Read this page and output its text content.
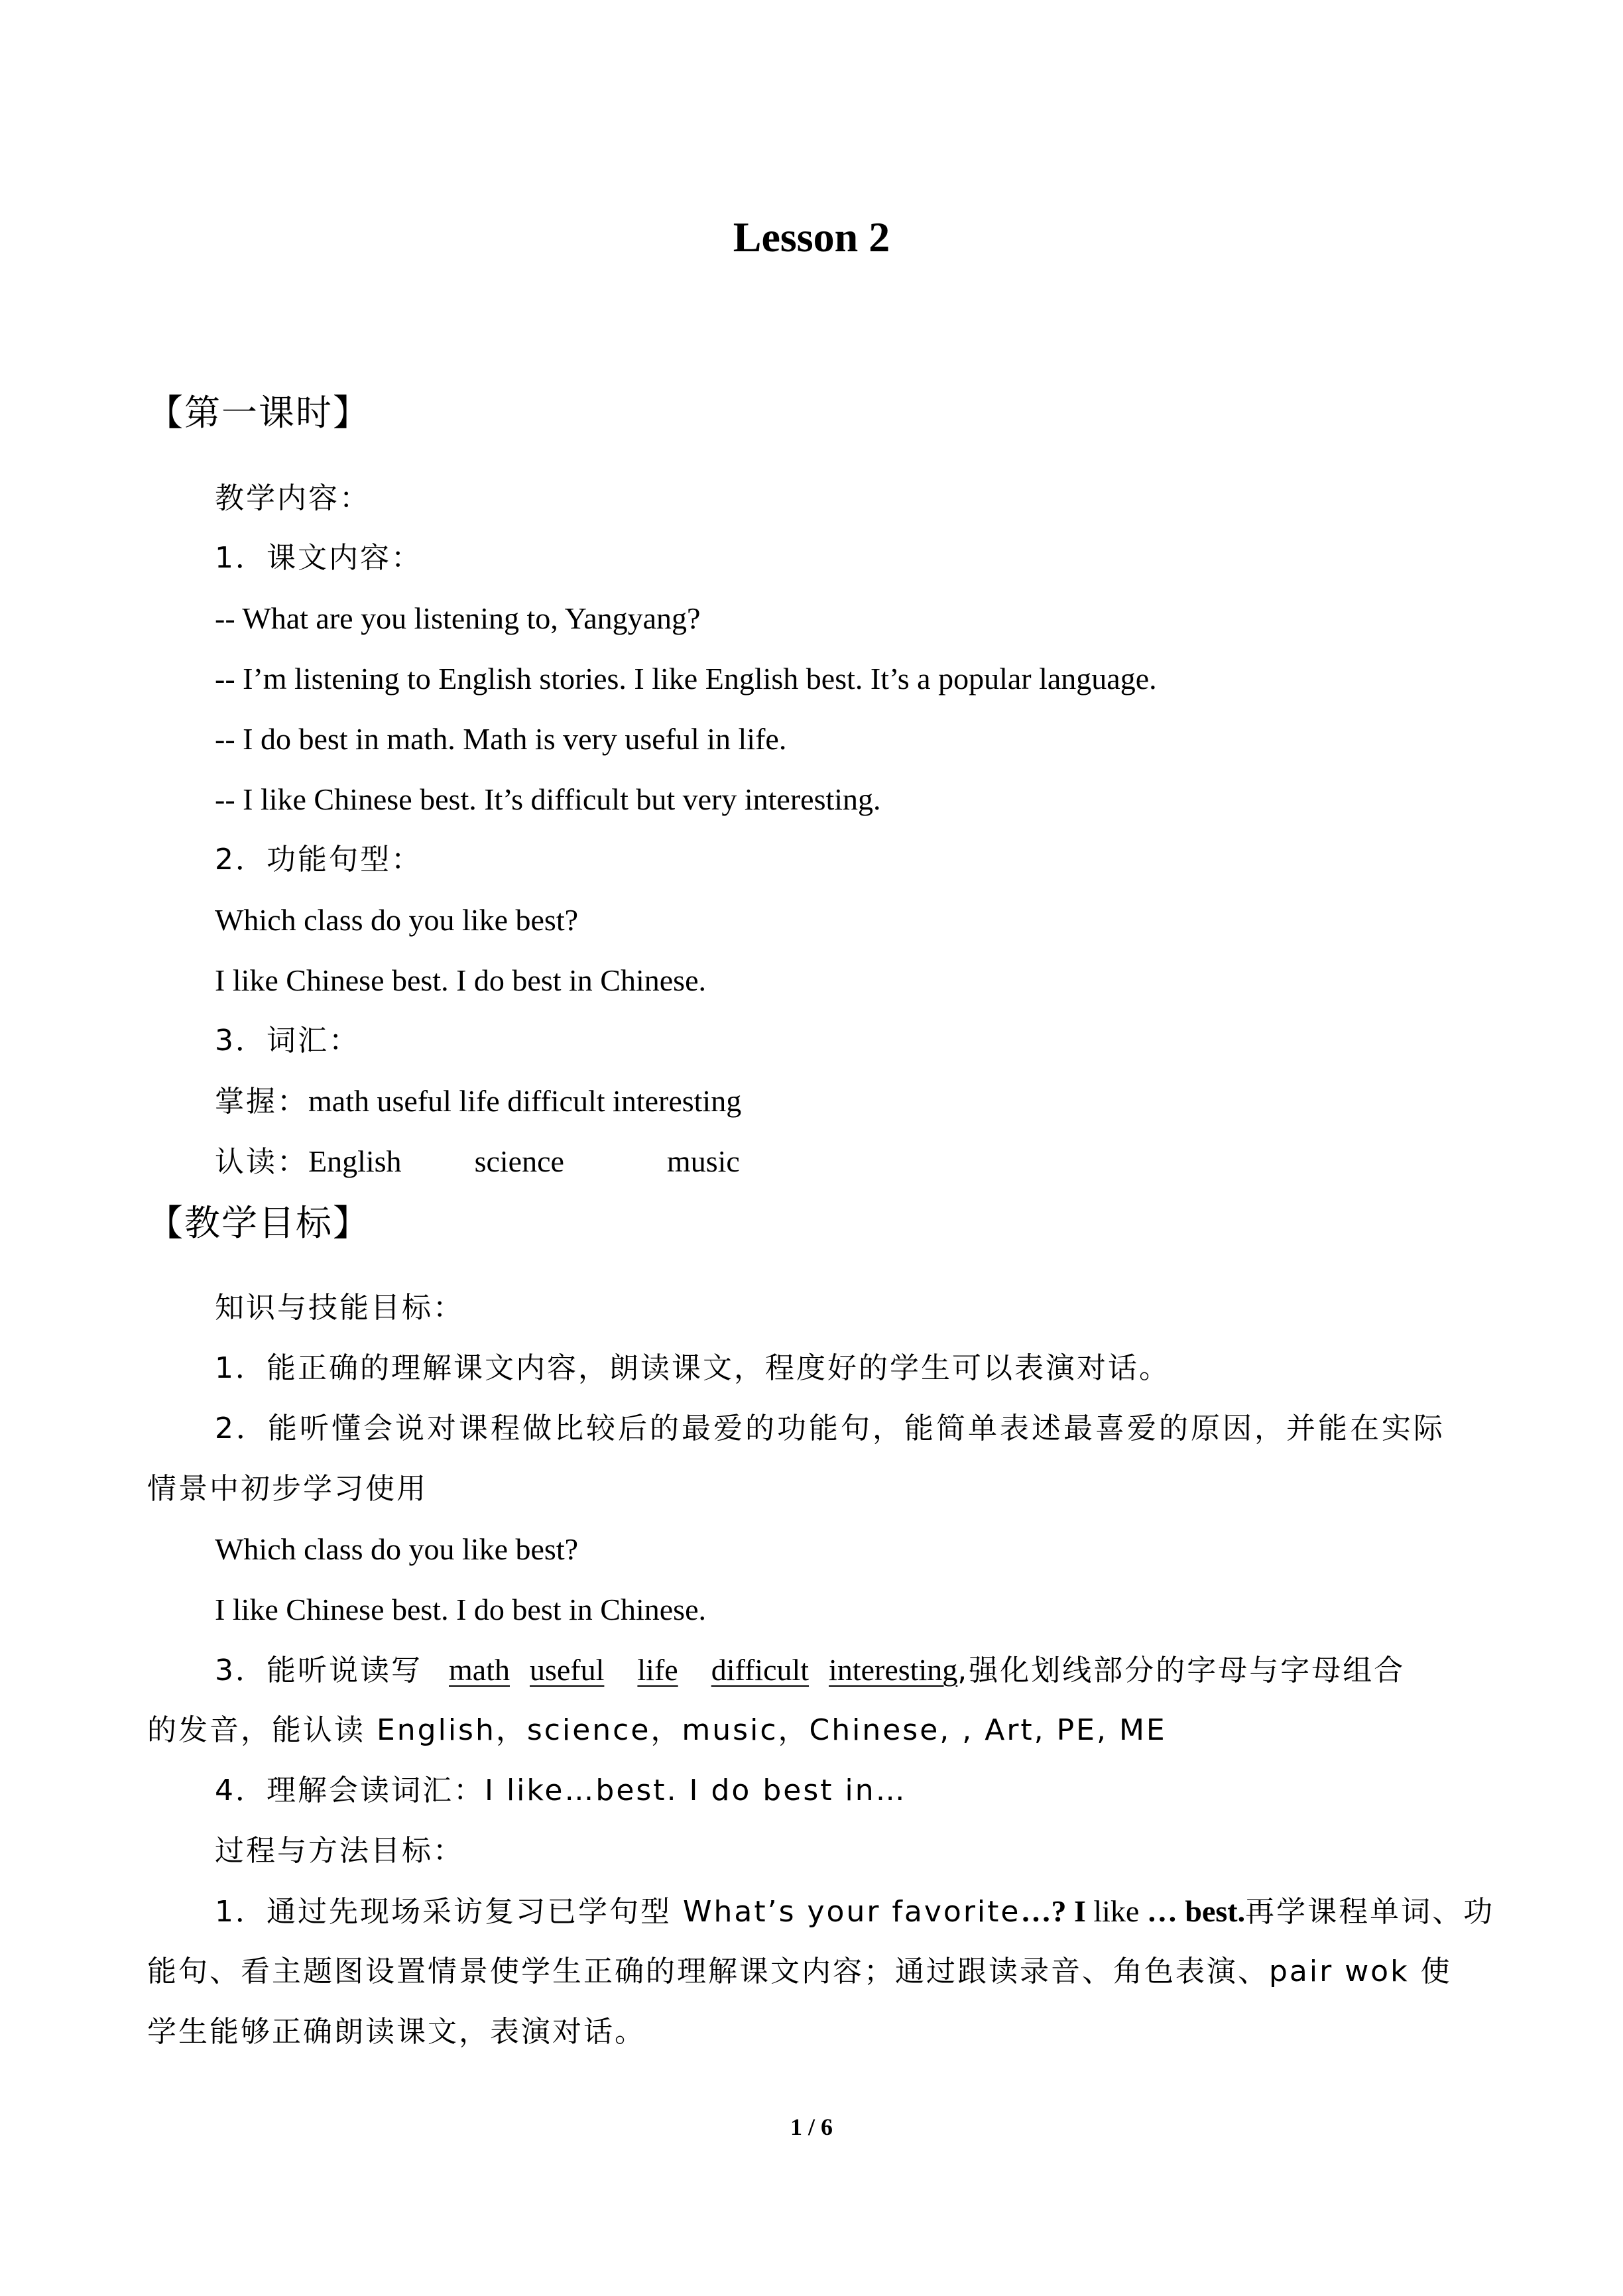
Lesson 2
【第一课时】
教学内容：
1．课文内容：
-- What are you listening to, Yangyang?
-- I’m listening to English stories. I like English best. It’s a popular language.
-- I do best in math. Math is very useful in life.
-- I like Chinese best. It’s difficult but very interesting.
2．功能句型：
Which class do you like best?
I like Chinese best. I do best in Chinese.
3．词汇：
掌握：math useful life difficult interesting
认读：English science	music
【教学目标】
知识与技能目标：
1．能正确的理解课文内容，朗读课文，程度好的学生可以表演对话。
2．能听懂会说对课程做比较后的最爱的功能句，能简单表述最喜爱的原因，并能在实际
情景中初步学习使用
Which class do you like best?
I like Chinese best. I do best in Chinese.
3．能听说读写 math useful life difficult interesting,强化划线部分的字母与字母组合
的发音，能认读 English，science，music，Chinese, , Art, PE, ME
4．理解会读词汇：I like…best. I do best in…
过程与方法目标：
1．通过先现场采访复习已学句型 What’s your favorite…? I like … best.再学课程单词、功
能句、看主题图设置情景使学生正确的理解课文内容；通过跟读录音、角色表演、pair wok 使
学生能够正确朗读课文，表演对话。
1 / 6
